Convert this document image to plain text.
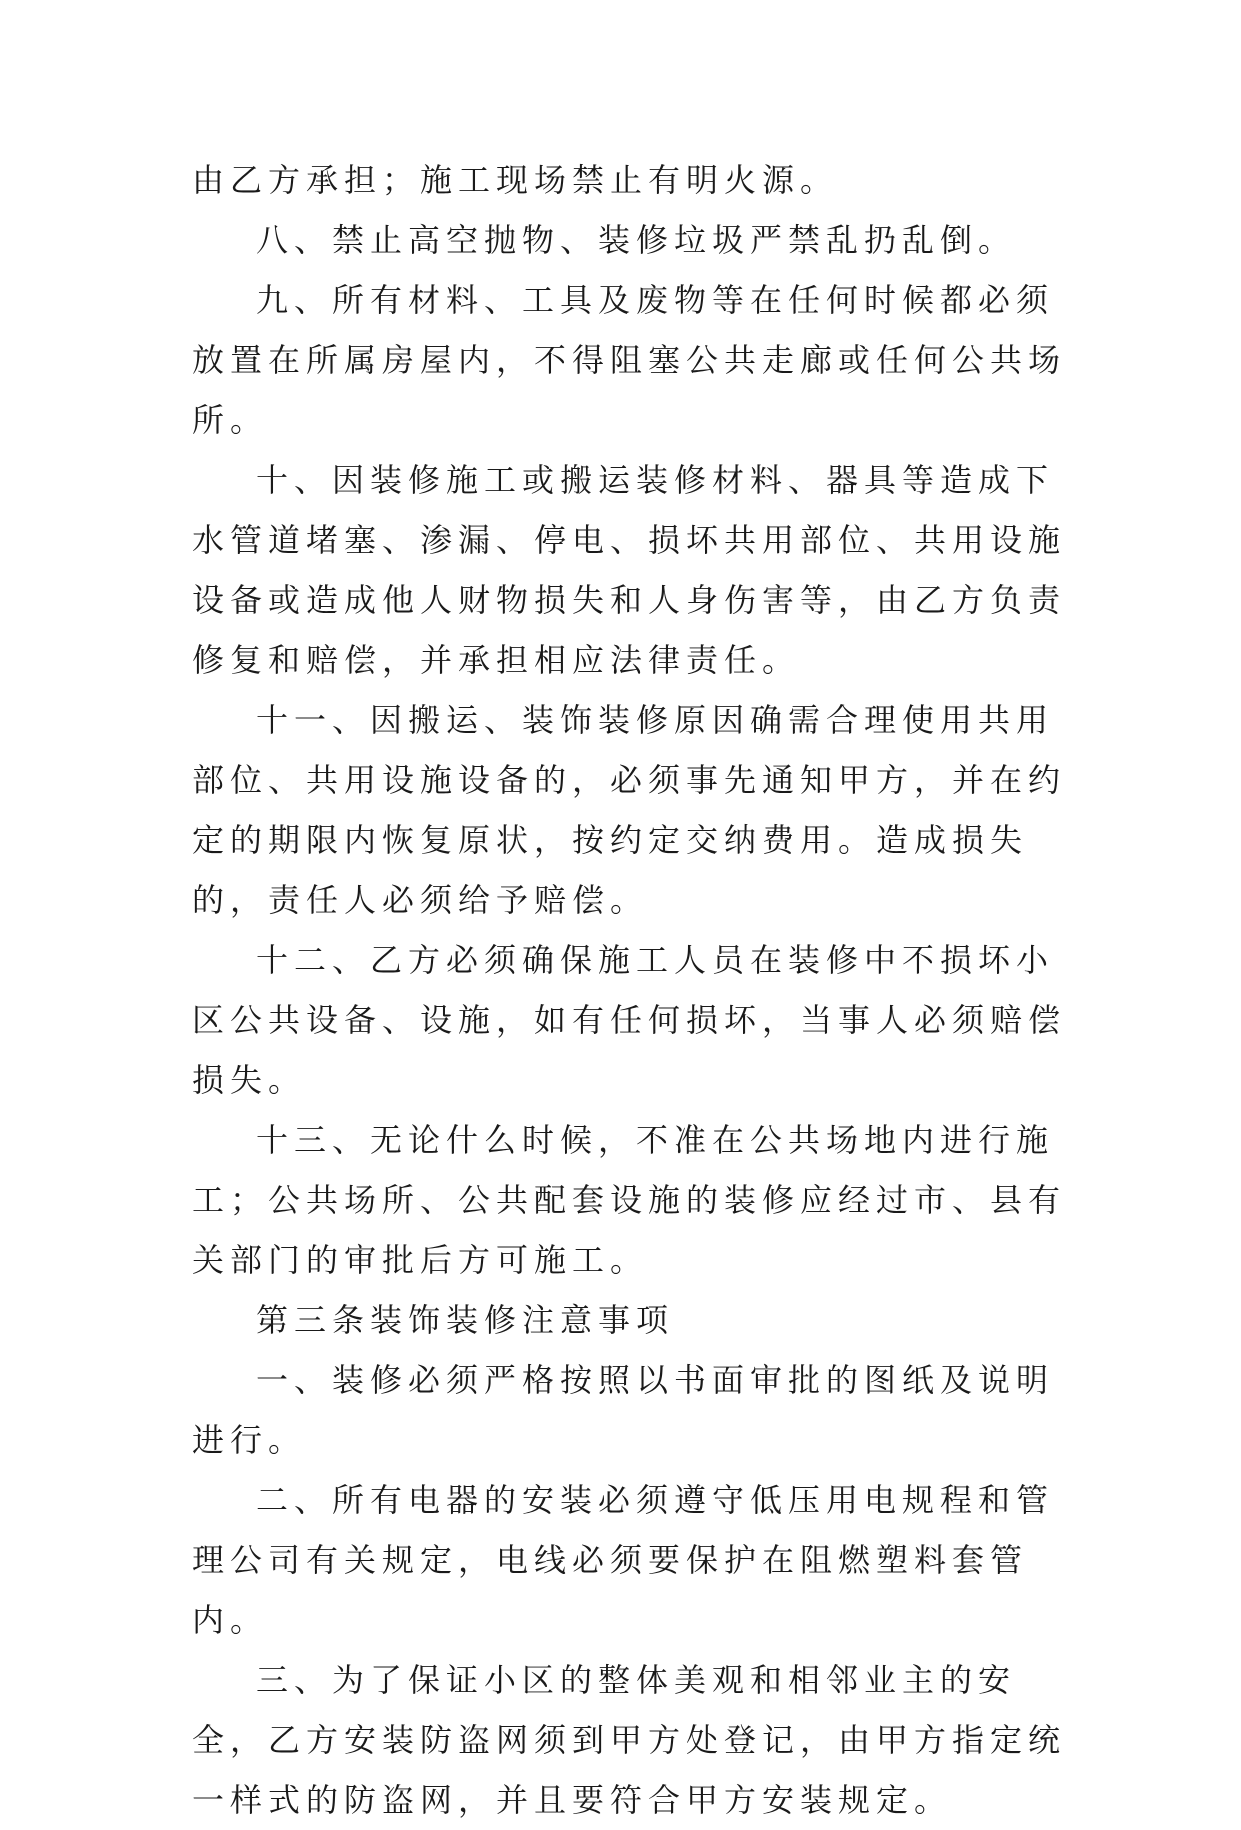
由乙方承担；施工现场禁止有明火源。

八、禁止高空抛物、装修垃圾严禁乱扔乱倒。

九、所有材料、工具及废物等在任何时候都必须放置在所属房屋内，不得阻塞公共走廊或任何公共场所。

十、因装修施工或搬运装修材料、器具等造成下水管道堵塞、渗漏、停电、损坏共用部位、共用设施设备或造成他人财物损失和人身伤害等，由乙方负责修复和赔偿，并承担相应法律责任。

十一、因搬运、装饰装修原因确需合理使用共用部位、共用设施设备的，必须事先通知甲方，并在约定的期限内恢复原状，按约定交纳费用。造成损失的，责任人必须给予赔偿。

十二、乙方必须确保施工人员在装修中不损坏小区公共设备、设施，如有任何损坏，当事人必须赔偿损失。

十三、无论什么时候，不准在公共场地内进行施工；公共场所、公共配套设施的装修应经过市、县有关部门的审批后方可施工。

第三条装饰装修注意事项

一、装修必须严格按照以书面审批的图纸及说明进行。

二、所有电器的安装必须遵守低压用电规程和管理公司有关规定，电线必须要保护在阻燃塑料套管内。

三、为了保证小区的整体美观和相邻业主的安全，乙方安装防盗网须到甲方处登记，由甲方指定统一样式的防盗网，并且要符合甲方安装规定。
